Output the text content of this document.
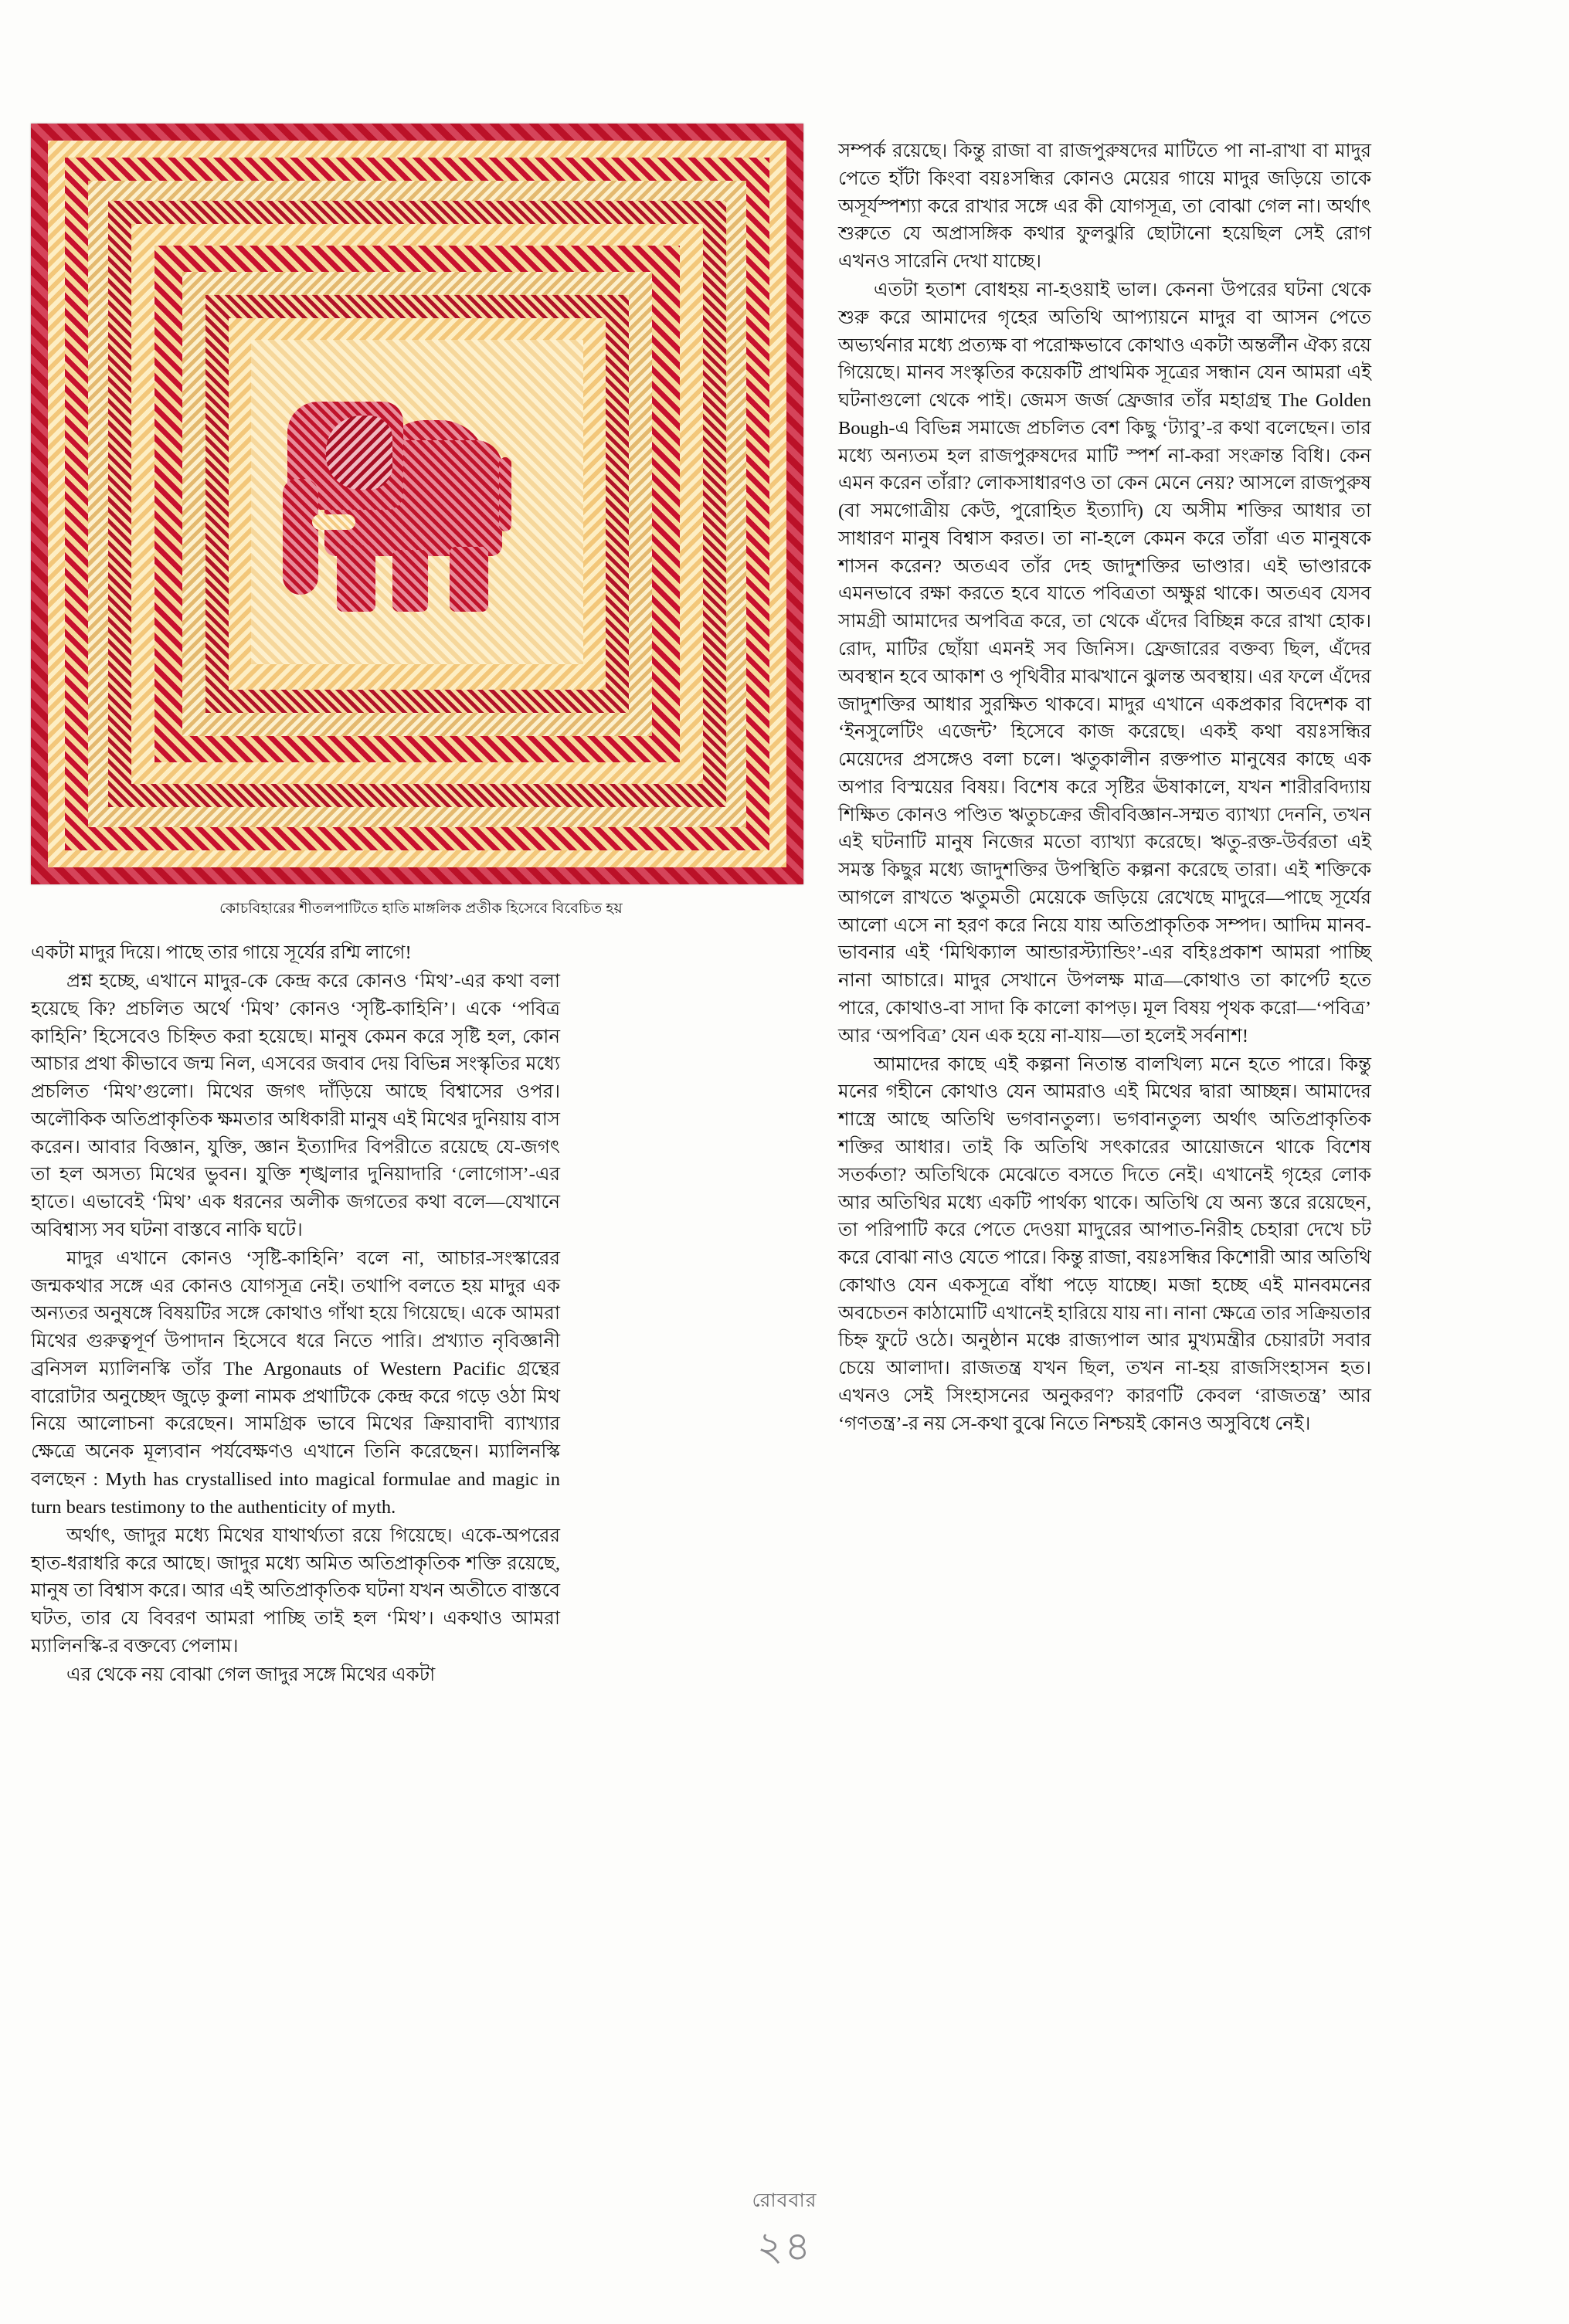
কোচবিহারের শীতলপাটিতে হাতি মাঙ্গলিক প্রতীক হিসেবে বিবেচিত হয়

একটা মাদুর দিয়ে। পাছে তার গায়ে সূর্যের রশ্মি লাগে!

প্রশ্ন হচ্ছে, এখানে মাদুর-কে কেন্দ্র করে কোনও ‘মিথ’-এর কথা বলা হয়েছে কি? প্রচলিত অর্থে ‘মিথ’ কোনও ‘সৃষ্টি-কাহিনি’। একে ‘পবিত্র কাহিনি’ হিসেবেও চিহ্নিত করা হয়েছে। মানুষ কেমন করে সৃষ্টি হল, কোন আচার প্রথা কীভাবে জন্ম নিল, এসবের জবাব দেয় বিভিন্ন সংস্কৃতির মধ্যে প্রচলিত ‘মিথ’গুলো। মিথের জগৎ দাঁড়িয়ে আছে বিশ্বাসের ওপর। অলৌকিক অতিপ্রাকৃতিক ক্ষমতার অধিকারী মানুষ এই মিথের দুনিয়ায় বাস করেন। আবার বিজ্ঞান, যুক্তি, জ্ঞান ইত্যাদির বিপরীতে রয়েছে যে-জগৎ তা হল অসত্য মিথের ভুবন। যুক্তি শৃঙ্খলার দুনিয়াদারি ‘লোগোস’-এর হাতে। এভাবেই ‘মিথ’ এক ধরনের অলীক জগতের কথা বলে—যেখানে অবিশ্বাস্য সব ঘটনা বাস্তবে নাকি ঘটে।

মাদুর এখানে কোনও ‘সৃষ্টি-কাহিনি’ বলে না, আচার-সংস্কারের জন্মকথার সঙ্গে এর কোনও যোগসূত্র নেই। তথাপি বলতে হয় মাদুর এক অন্যতর অনুষঙ্গে বিষয়টির সঙ্গে কোথাও গাঁথা হয়ে গিয়েছে। একে আমরা মিথের গুরুত্বপূর্ণ উপাদান হিসেবে ধরে নিতে পারি। প্রখ্যাত নৃবিজ্ঞানী ব্রনিসল ম্যালিনস্কি তাঁর The Argonauts of Western Pacific গ্রন্থের বারোটার অনুচ্ছেদ জুড়ে কুলা নামক প্রথাটিকে কেন্দ্র করে গড়ে ওঠা মিথ নিয়ে আলোচনা করেছেন। সামগ্রিক ভাবে মিথের ক্রিয়াবাদী ব্যাখ্যার ক্ষেত্রে অনেক মূল্যবান পর্যবেক্ষণও এখানে তিনি করেছেন। ম্যালিনস্কি বলছেন : Myth has crystallised into magical formulae and magic in turn bears testimony to the authenticity of myth.

অর্থাৎ, জাদুর মধ্যে মিথের যাথার্থ্যতা রয়ে গিয়েছে। একে-অপরের হাত-ধরাধরি করে আছে। জাদুর মধ্যে অমিত অতিপ্রাকৃতিক শক্তি রয়েছে, মানুষ তা বিশ্বাস করে। আর এই অতিপ্রাকৃতিক ঘটনা যখন অতীতে বাস্তবে ঘটত, তার যে বিবরণ আমরা পাচ্ছি তাই হল ‘মিথ’। একথাও আমরা ম্যালিনস্কি-র বক্তব্যে পেলাম।

এর থেকে নয় বোঝা গেল জাদুর সঙ্গে মিথের একটা

সম্পর্ক রয়েছে। কিন্তু রাজা বা রাজপুরুষদের মাটিতে পা না-রাখা বা মাদুর পেতে হাঁটা কিংবা বয়ঃসন্ধির কোনও মেয়ের গায়ে মাদুর জড়িয়ে তাকে অসূর্যস্পশ্যা করে রাখার সঙ্গে এর কী যোগসূত্র, তা বোঝা গেল না। অর্থাৎ শুরুতে যে অপ্রাসঙ্গিক কথার ফুলঝুরি ছোটানো হয়েছিল সেই রোগ এখনও সারেনি দেখা যাচ্ছে।

এতটা হতাশ বোধহয় না-হওয়াই ভাল। কেননা উপরের ঘটনা থেকে শুরু করে আমাদের গৃহের অতিথি আপ্যায়নে মাদুর বা আসন পেতে অভ্যর্থনার মধ্যে প্রত্যক্ষ বা পরোক্ষভাবে কোথাও একটা অন্তর্লীন ঐক্য রয়ে গিয়েছে। মানব সংস্কৃতির কয়েকটি প্রাথমিক সূত্রের সন্ধান যেন আমরা এই ঘটনাগুলো থেকে পাই। জেমস জর্জ ফ্রেজার তাঁর মহাগ্রন্থ The Golden Bough-এ বিভিন্ন সমাজে প্রচলিত বেশ কিছু ‘ট্যাবু’-র কথা বলেছেন। তার মধ্যে অন্যতম হল রাজপুরুষদের মাটি স্পর্শ না-করা সংক্রান্ত বিধি। কেন এমন করেন তাঁরা? লোকসাধারণও তা কেন মেনে নেয়? আসলে রাজপুরুষ (বা সমগোত্রীয় কেউ, পুরোহিত ইত্যাদি) যে অসীম শক্তির আধার তা সাধারণ মানুষ বিশ্বাস করত। তা না-হলে কেমন করে তাঁরা এত মানুষকে শাসন করেন? অতএব তাঁর দেহ জাদুশক্তির ভাণ্ডার। এই ভাণ্ডারকে এমনভাবে রক্ষা করতে হবে যাতে পবিত্রতা অক্ষুণ্ণ থাকে। অতএব যেসব সামগ্রী আমাদের অপবিত্র করে, তা থেকে এঁদের বিচ্ছিন্ন করে রাখা হোক। রোদ, মাটির ছোঁয়া এমনই সব জিনিস। ফ্রেজারের বক্তব্য ছিল, এঁদের অবস্থান হবে আকাশ ও পৃথিবীর মাঝখানে ঝুলন্ত অবস্থায়। এর ফলে এঁদের জাদুশক্তির আধার সুরক্ষিত থাকবে। মাদুর এখানে একপ্রকার বিদেশক বা ‘ইনসুলেটিং এজেন্ট’ হিসেবে কাজ করেছে। একই কথা বয়ঃসন্ধির মেয়েদের প্রসঙ্গেও বলা চলে। ঋতুকালীন রক্তপাত মানুষের কাছে এক অপার বিস্ময়ের বিষয়। বিশেষ করে সৃষ্টির ঊষাকালে, যখন শারীরবিদ্যায় শিক্ষিত কোনও পণ্ডিত ঋতুচক্রের জীববিজ্ঞান-সম্মত ব্যাখ্যা দেননি, তখন এই ঘটনাটি মানুষ নিজের মতো ব্যাখ্যা করেছে। ঋতু-রক্ত-উর্বরতা এই সমস্ত কিছুর মধ্যে জাদুশক্তির উপস্থিতি কল্পনা করেছে তারা। এই শক্তিকে আগলে রাখতে ঋতুমতী মেয়েকে জড়িয়ে রেখেছে মাদুরে—পাছে সূর্যের আলো এসে না হরণ করে নিয়ে যায় অতিপ্রাকৃতিক সম্পদ। আদিম মানব-ভাবনার এই ‘মিথিক্যাল আন্ডারস্ট্যান্ডিং’-এর বহিঃপ্রকাশ আমরা পাচ্ছি নানা আচারে। মাদুর সেখানে উপলক্ষ মাত্র—কোথাও তা কার্পেট হতে পারে, কোথাও-বা সাদা কি কালো কাপড়। মূল বিষয় পৃথক করো—‘পবিত্র’ আর ‘অপবিত্র’ যেন এক হয়ে না-যায়—তা হলেই সর্বনাশ!

আমাদের কাছে এই কল্পনা নিতান্ত বালখিল্য মনে হতে পারে। কিন্তু মনের গহীনে কোথাও যেন আমরাও এই মিথের দ্বারা আচ্ছন্ন। আমাদের শাস্ত্রে আছে অতিথি ভগবানতুল্য। ভগবানতুল্য অর্থাৎ অতিপ্রাকৃতিক শক্তির আধার। তাই কি অতিথি সৎকারের আয়োজনে থাকে বিশেষ সতর্কতা? অতিথিকে মেঝেতে বসতে দিতে নেই। এখানেই গৃহের লোক আর অতিথির মধ্যে একটি পার্থক্য থাকে। অতিথি যে অন্য স্তরে রয়েছেন, তা পরিপাটি করে পেতে দেওয়া মাদুরের আপাত-নিরীহ চেহারা দেখে চট করে বোঝা নাও যেতে পারে। কিন্তু রাজা, বয়ঃসন্ধির কিশোরী আর অতিথি কোথাও যেন একসূত্রে বাঁধা পড়ে যাচ্ছে। মজা হচ্ছে এই মানবমনের অবচেতন কাঠামোটি এখানেই হারিয়ে যায় না। নানা ক্ষেত্রে তার সক্রিয়তার চিহ্ন ফুটে ওঠে। অনুষ্ঠান মঞ্চে রাজ্যপাল আর মুখ্যমন্ত্রীর চেয়ারটা সবার চেয়ে আলাদা। রাজতন্ত্র যখন ছিল, তখন না-হয় রাজসিংহাসন হত। এখনও সেই সিংহাসনের অনুকরণ? কারণটি কেবল ‘রাজতন্ত্র’ আর ‘গণতন্ত্র’-র নয় সে-কথা বুঝে নিতে নিশ্চয়ই কোনও অসুবিধে নেই।

রোববার
২৪
